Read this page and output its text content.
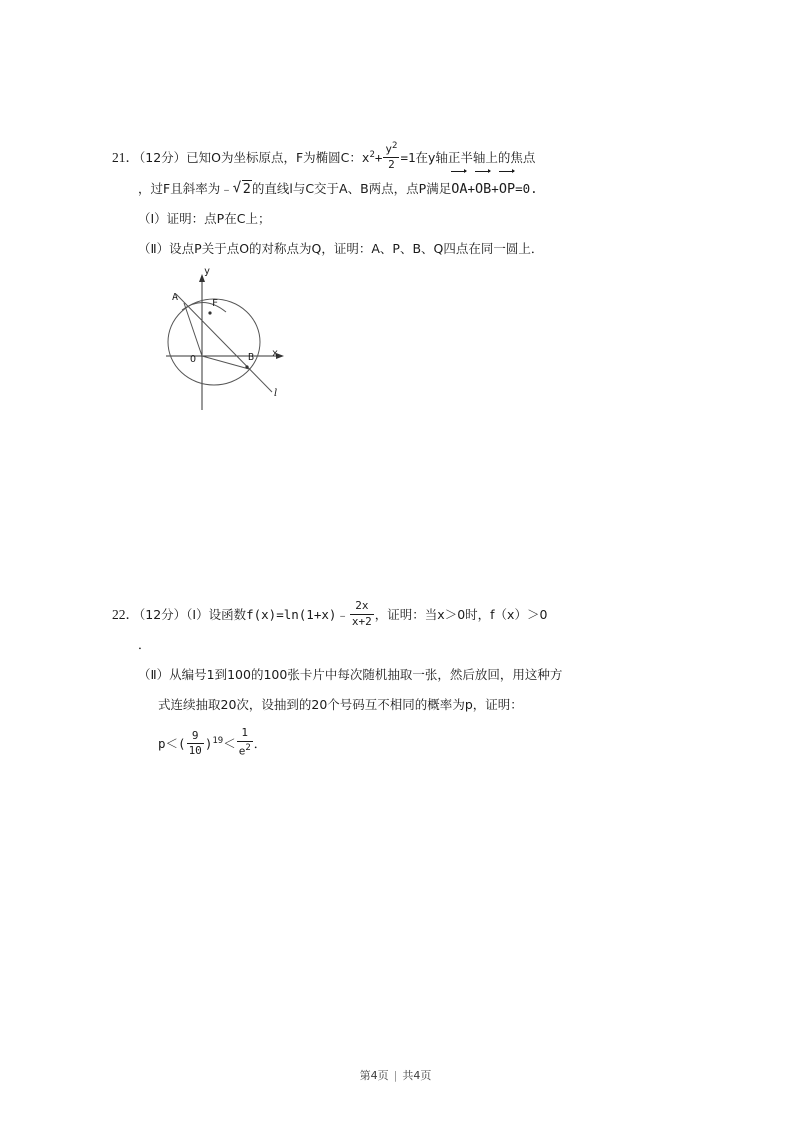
21．（12分）已知O为坐标原点，F为椭圆C：$x^2+ \frac{y^2}{2} =1$在y轴正半轴上的焦点
，过F且斜率为﹣ √ 2的直线l与C交于A、B两点，点P满足OA+OB+OP=0.
（Ⅰ）证明：点P在C上；
（Ⅱ）设点P关于点O的对称点为Q，证明：A、P、B、Q四点在同一圆上．
y
x
O
A
F
B
l
22．（12分）（Ⅰ）设函数f(x)=ln(1+x)﹣ $\frac{2x}{x+2}$ ，证明：当x＞0时，f（x）＞0
．
（Ⅱ）从编号1到100的100张卡片中每次随机抽取一张，然后放回，用这种方
式连续抽取20次，设抽到的20个号码互不相同的概率为p，证明：
$p<( \frac{9}{10} )^{19}< \frac{1}{e^2}$ ．
第4页 | 共4页
